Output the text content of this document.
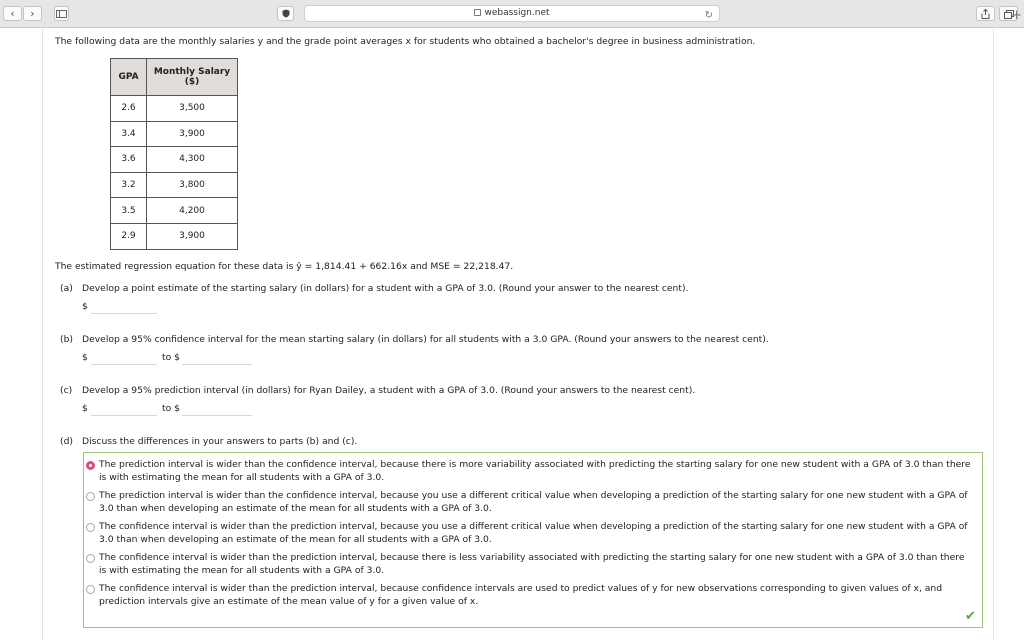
‹	›	webassign.net	↻	+
The following data are the monthly salaries y and the grade point averages x for students who obtained a bachelor's degree in business administration.
GPA	Monthly Salary
($)
2.6	3,500
3.4	3,900
3.6	4,300
3.2	3,800
3.5	4,200
2.9	3,900
The estimated regression equation for these data is ŷ = 1,814.41 + 662.16x and MSE = 22,218.47.
(a) Develop a point estimate of the starting salary (in dollars) for a student with a GPA of 3.0. (Round your answer to the nearest cent).
$
(b) Develop a 95% confidence interval for the mean starting salary (in dollars) for all students with a 3.0 GPA. (Round your answers to the nearest cent).
$	to $
(c) Develop a 95% prediction interval (in dollars) for Ryan Dailey, a student with a GPA of 3.0. (Round your answers to the nearest cent).
$	to $
(d) Discuss the differences in your answers to parts (b) and (c).
The prediction interval is wider than the confidence interval, because there is more variability associated with predicting the starting salary for one new student with a GPA of 3.0 than there is with estimating the mean for all students with a GPA of 3.0.
The prediction interval is wider than the confidence interval, because you use a different critical value when developing a prediction of the starting salary for one new student with a GPA of 3.0 than when developing an estimate of the mean for all students with a GPA of 3.0.
The confidence interval is wider than the prediction interval, because you use a different critical value when developing a prediction of the starting salary for one new student with a GPA of 3.0 than when developing an estimate of the mean for all students with a GPA of 3.0.
The confidence interval is wider than the prediction interval, because there is less variability associated with predicting the starting salary for one new student with a GPA of 3.0 than there is with estimating the mean for all students with a GPA of 3.0.
The confidence interval is wider than the prediction interval, because confidence intervals are used to predict values of y for new observations corresponding to given values of x, and prediction intervals give an estimate of the mean value of y for a given value of x.
✔
